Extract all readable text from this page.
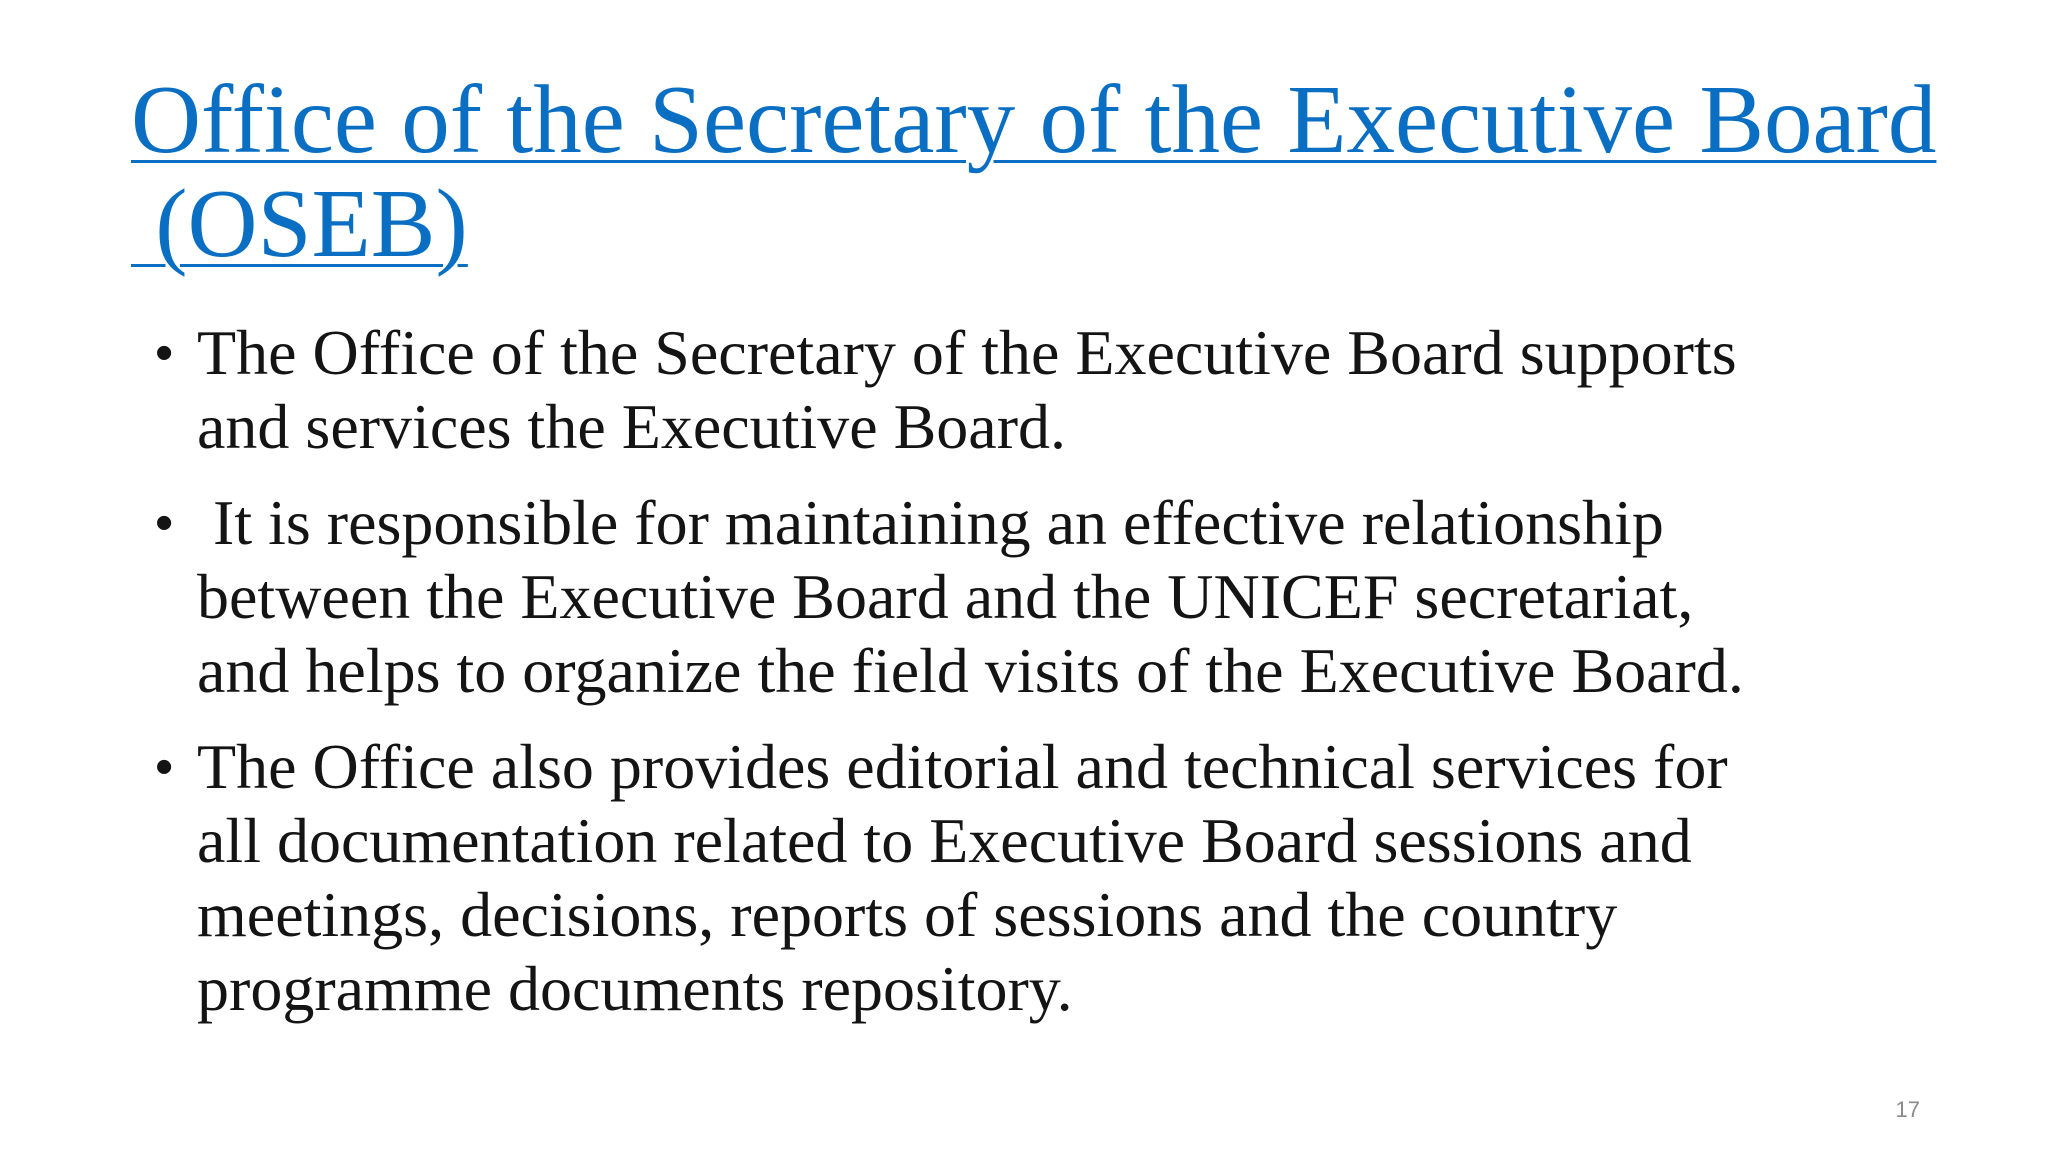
Office of the Secretary of the Executive Board
(OSEB)
• The Office of the Secretary of the Executive Board supports
and services the Executive Board.
• It is responsible for maintaining an effective relationship
between the Executive Board and the UNICEF secretariat,
and helps to organize the field visits of the Executive Board.
• The Office also provides editorial and technical services for
all documentation related to Executive Board sessions and
meetings, decisions, reports of sessions and the country
programme documents repository.
17
